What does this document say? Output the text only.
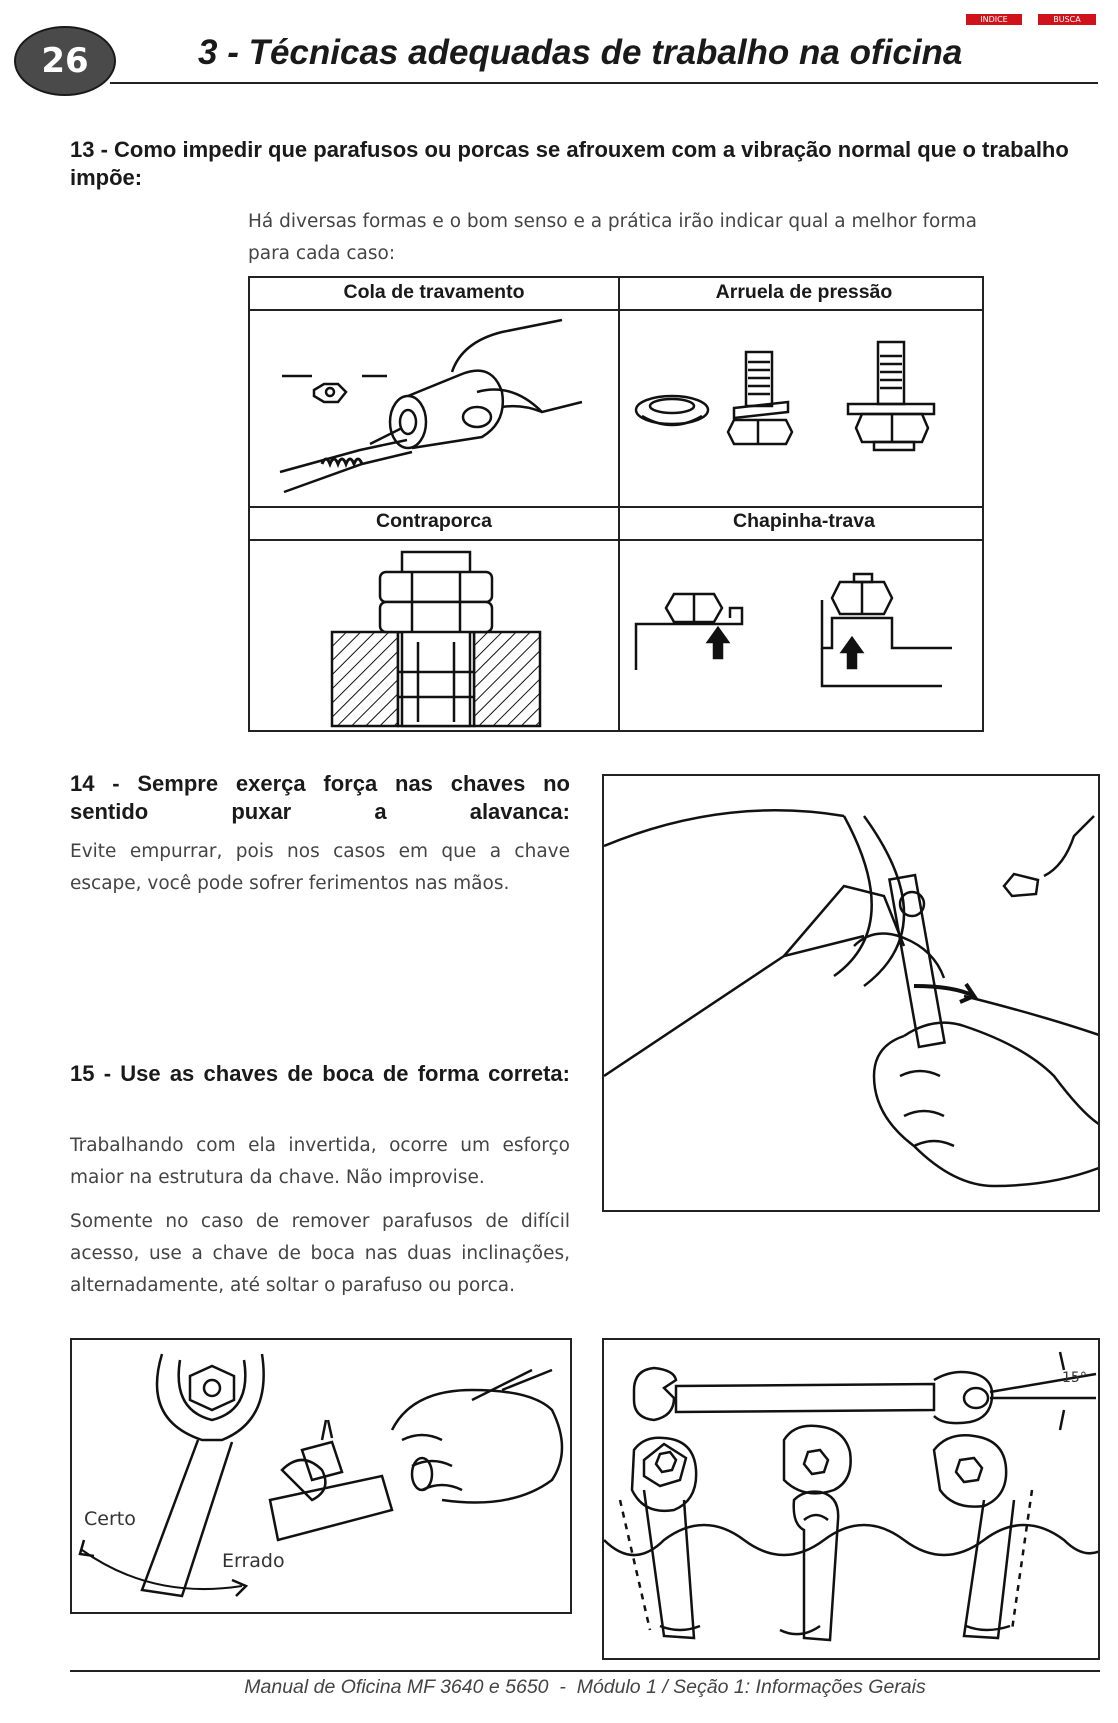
INDICE	BUSCA
26	3 - Técnicas adequadas de trabalho na oficina
13 - Como impedir que parafusos ou porcas se afrouxem com a vibração normal que o trabalho impõe:
Há diversas formas e o bom senso e a prática irão indicar qual a melhor forma para cada caso:
Cola de travamento	Arruela de pressão
Contraporca	Chapinha-trava
14 - Sempre exerça força nas chaves no sentido puxar a alavanca:
Evite empurrar, pois nos casos em que a chave escape, você pode sofrer ferimentos nas mãos.
15 - Use as chaves de boca de forma correta:
Trabalhando com ela invertida, ocorre um esforço maior na estrutura da chave. Não improvise.
Somente no caso de remover parafusos de difícil acesso, use a chave de boca nas duas inclinações, alternadamente, até soltar o parafuso ou porca.
Certo
Errado
15°
Manual de Oficina MF 3640 e 5650  -  Módulo 1 / Seção 1: Informações Gerais
